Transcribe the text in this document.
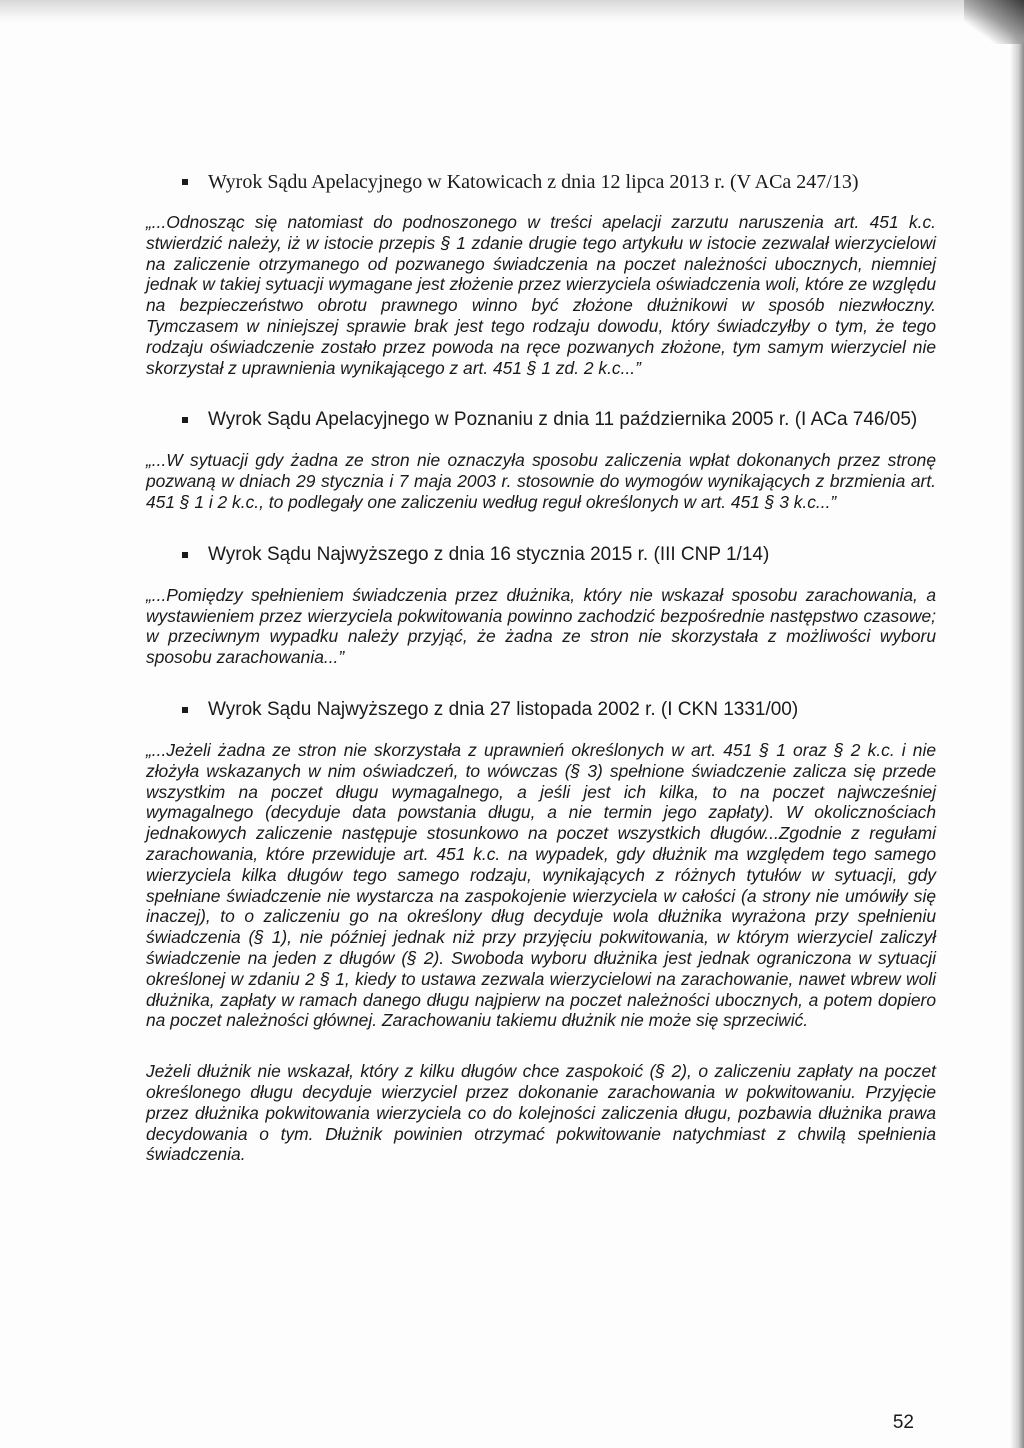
Wyrok Sądu Apelacyjnego w Katowicach z dnia 12 lipca 2013 r. (V ACa 247/13)

„...Odnosząc się natomiast do podnoszonego w treści apelacji zarzutu naruszenia art. 451 k.c. stwierdzić należy, iż w istocie przepis § 1 zdanie drugie tego artykułu w istocie zezwalał wierzycielowi na zaliczenie otrzymanego od pozwanego świadczenia na poczet należności ubocznych, niemniej jednak w takiej sytuacji wymagane jest złożenie przez wierzyciela oświadczenia woli, które ze względu na bezpieczeństwo obrotu prawnego winno być złożone dłużnikowi w sposób niezwłoczny. Tymczasem w niniejszej sprawie brak jest tego rodzaju dowodu, który świadczyłby o tym, że tego rodzaju oświadczenie zostało przez powoda na ręce pozwanych złożone, tym samym wierzyciel nie skorzystał z uprawnienia wynikającego z art. 451 § 1 zd. 2 k.c...”

Wyrok Sądu Apelacyjnego w Poznaniu z dnia 11 października 2005 r. (I ACa 746/05)

„...W sytuacji gdy żadna ze stron nie oznaczyła sposobu zaliczenia wpłat dokonanych przez stronę pozwaną w dniach 29 stycznia i 7 maja 2003 r. stosownie do wymogów wynikających z brzmienia art. 451 § 1 i 2 k.c., to podlegały one zaliczeniu według reguł określonych w art. 451 § 3 k.c...”

Wyrok Sądu Najwyższego z dnia 16 stycznia 2015 r. (III CNP 1/14)

„...Pomiędzy spełnieniem świadczenia przez dłużnika, który nie wskazał sposobu zarachowania, a wystawieniem przez wierzyciela pokwitowania powinno zachodzić bezpośrednie następstwo czasowe; w przeciwnym wypadku należy przyjąć, że żadna ze stron nie skorzystała z możliwości wyboru sposobu zarachowania...”

Wyrok Sądu Najwyższego z dnia 27 listopada 2002 r. (I CKN 1331/00)

„...Jeżeli żadna ze stron nie skorzystała z uprawnień określonych w art. 451 § 1 oraz § 2 k.c. i nie złożyła wskazanych w nim oświadczeń, to wówczas (§ 3) spełnione świadczenie zalicza się przede wszystkim na poczet długu wymagalnego, a jeśli jest ich kilka, to na poczet najwcześniej wymagalnego (decyduje data powstania długu, a nie termin jego zapłaty). W okolicznościach jednakowych zaliczenie następuje stosunkowo na poczet wszystkich długów...Zgodnie z regułami zarachowania, które przewiduje art. 451 k.c. na wypadek, gdy dłużnik ma względem tego samego wierzyciela kilka długów tego samego rodzaju, wynikających z różnych tytułów w sytuacji, gdy spełniane świadczenie nie wystarcza na zaspokojenie wierzyciela w całości (a strony nie umówiły się inaczej), to o zaliczeniu go na określony dług decyduje wola dłużnika wyrażona przy spełnieniu świadczenia (§ 1), nie później jednak niż przy przyjęciu pokwitowania, w którym wierzyciel zaliczył świadczenie na jeden z długów (§ 2). Swoboda wyboru dłużnika jest jednak ograniczona w sytuacji określonej w zdaniu 2 § 1, kiedy to ustawa zezwala wierzycielowi na zarachowanie, nawet wbrew woli dłużnika, zapłaty w ramach danego długu najpierw na poczet należności ubocznych, a potem dopiero na poczet należności głównej. Zarachowaniu takiemu dłużnik nie może się sprzeciwić.

Jeżeli dłużnik nie wskazał, który z kilku długów chce zaspokoić (§ 2), o zaliczeniu zapłaty na poczet określonego długu decyduje wierzyciel przez dokonanie zarachowania w pokwitowaniu. Przyjęcie przez dłużnika pokwitowania wierzyciela co do kolejności zaliczenia długu, pozbawia dłużnika prawa decydowania o tym. Dłużnik powinien otrzymać pokwitowanie natychmiast z chwilą spełnienia świadczenia.

52
